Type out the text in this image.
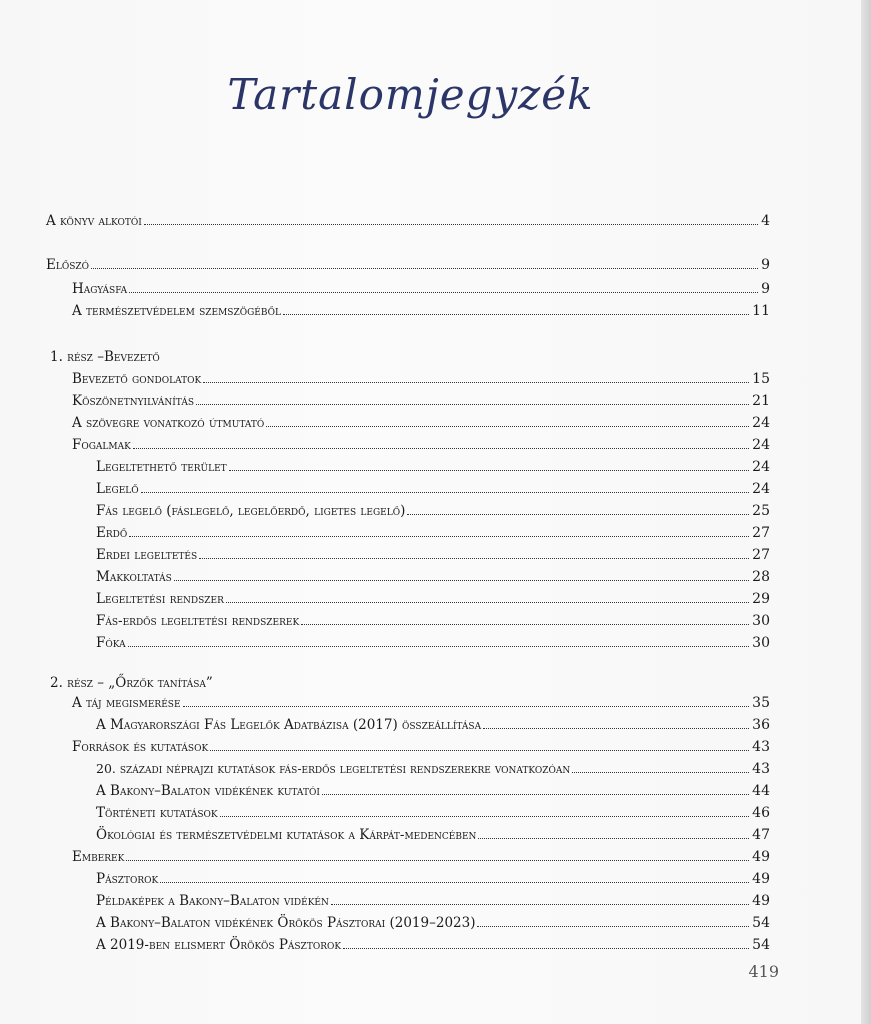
Tartalomjegyzék
A könyv alkotói	4
Előszó	9
Hagyásfa	9
A természetvédelem szemszögéből	11
1. rész –Bevezető
Bevezető gondolatok	15
Köszönetnyilvánítás	21
A szövegre vonatkozó útmutató	24
Fogalmak	24
Legeltethető terület	24
Legelő	24
Fás legelő (fáslegelő, legelőerdő, ligetes legelő)	25
Erdő	27
Erdei legeltetés	27
Makkoltatás	28
Legeltetési rendszer	29
Fás-erdős legeltetési rendszerek	30
Fóka	30
2. rész – „Őrzők tanítása”
A táj megismerése	35
A Magyarországi Fás Legelők Adatbázisa (2017) összeállítása	36
Források és kutatások	43
20. századi néprajzi kutatások fás-erdős legeltetési rendszerekre vonatkozóan	43
A Bakony–Balaton vidékének kutatói	44
Történeti kutatások	46
Ökológiai és természetvédelmi kutatások a Kárpát-medencében	47
Emberek	49
Pásztorok	49
Példaképek a Bakony–Balaton vidékén	49
A Bakony–Balaton vidékének Örökös Pásztorai (2019–2023)	54
A 2019-ben elismert Örökös Pásztorok	54
419
